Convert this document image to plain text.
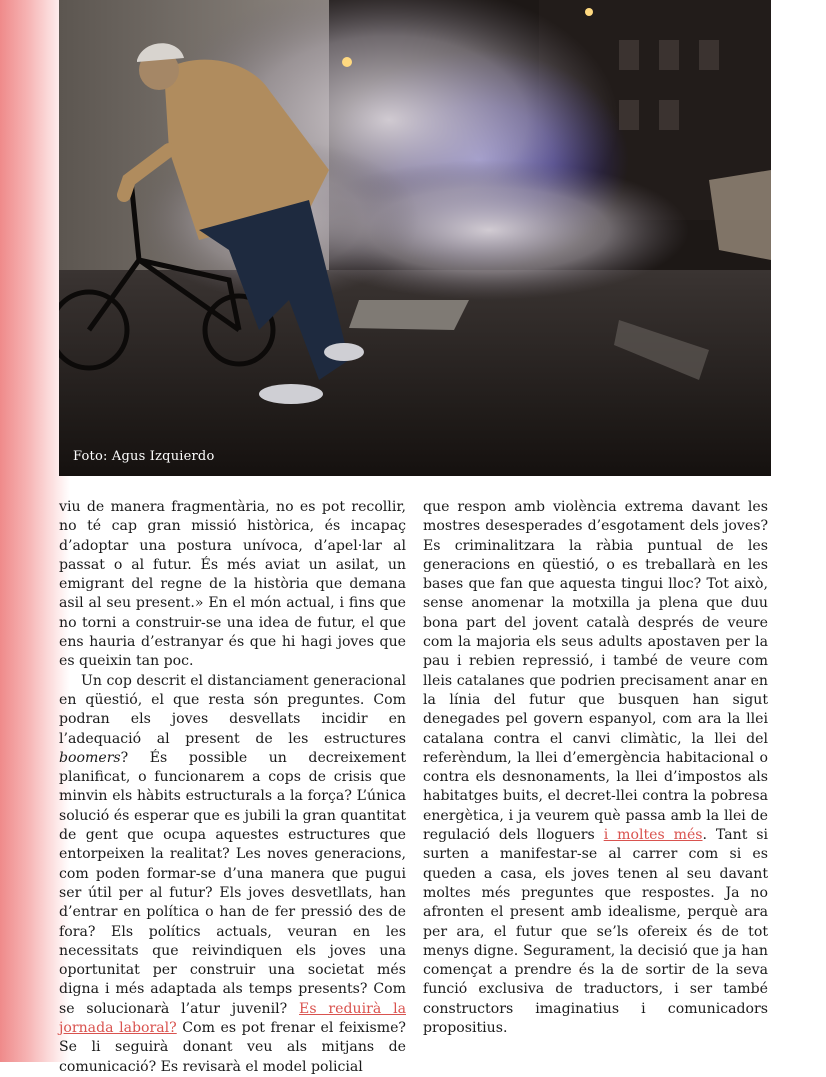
Foto: Agus Izquierdo

viu de manera fragmentària, no es pot recollir, no té cap gran missió històrica, és incapaç d’adoptar una postura unívoca, d’apel·lar al passat o al futur. És més aviat un asilat, un emigrant del regne de la història que demana asil al seu present.» En el món actual, i fins que no torni a construir-se una idea de futur, el que ens hauria d’estranyar és que hi hagi joves que es queixin tan poc.

Un cop descrit el distanciament generacional en qüestió, el que resta són preguntes. Com podran els joves desvellats incidir en l’adequació al present de les estructures boomers? És possible un decreixement planificat, o funcionarem a cops de crisis que minvin els hàbits estructurals a la força? L’única solució és esperar que es jubili la gran quantitat de gent que ocupa aquestes estructures que entorpeixen la realitat? Les noves generacions, com poden formar-se d’una manera que pugui ser útil per al futur? Els joves desvetllats, han d’entrar en política o han de fer pressió des de fora? Els polítics actuals, veuran en les necessitats que reivindiquen els joves una oportunitat per construir una societat més digna i més adaptada als temps presents? Com se solucionarà l’atur juvenil? Es reduirà la jornada laboral? Com es pot frenar el feixisme? Se li seguirà donant veu als mitjans de comunicació? Es revisarà el model policial

que respon amb violència extrema davant les mostres desesperades d’esgotament dels joves? Es criminalitzara la ràbia puntual de les generacions en qüestió, o es treballarà en les bases que fan que aquesta tingui lloc? Tot això, sense anomenar la motxilla ja plena que duu bona part del jovent català després de veure com la majoria els seus adults apostaven per la pau i rebien repressió, i també de veure com lleis catalanes que podrien precisament anar en la línia del futur que busquen han sigut denegades pel govern espanyol, com ara la llei catalana contra el canvi climàtic, la llei del referèndum, la llei d’emergència habitacional o contra els desnonaments, la llei d’impostos als habitatges buits, el decret-llei contra la pobresa energètica, i ja veurem què passa amb la llei de regulació dels lloguers i moltes més. Tant si surten a manifestar-se al carrer com si es queden a casa, els joves tenen al seu davant moltes més preguntes que respostes. Ja no afronten el present amb idealisme, perquè ara per ara, el futur que se’ls ofereix és de tot menys digne. Segurament, la decisió que ja han començat a prendre és la de sortir de la seva funció exclusiva de traductors, i ser també constructors imaginatius i comunicadors propositius.
